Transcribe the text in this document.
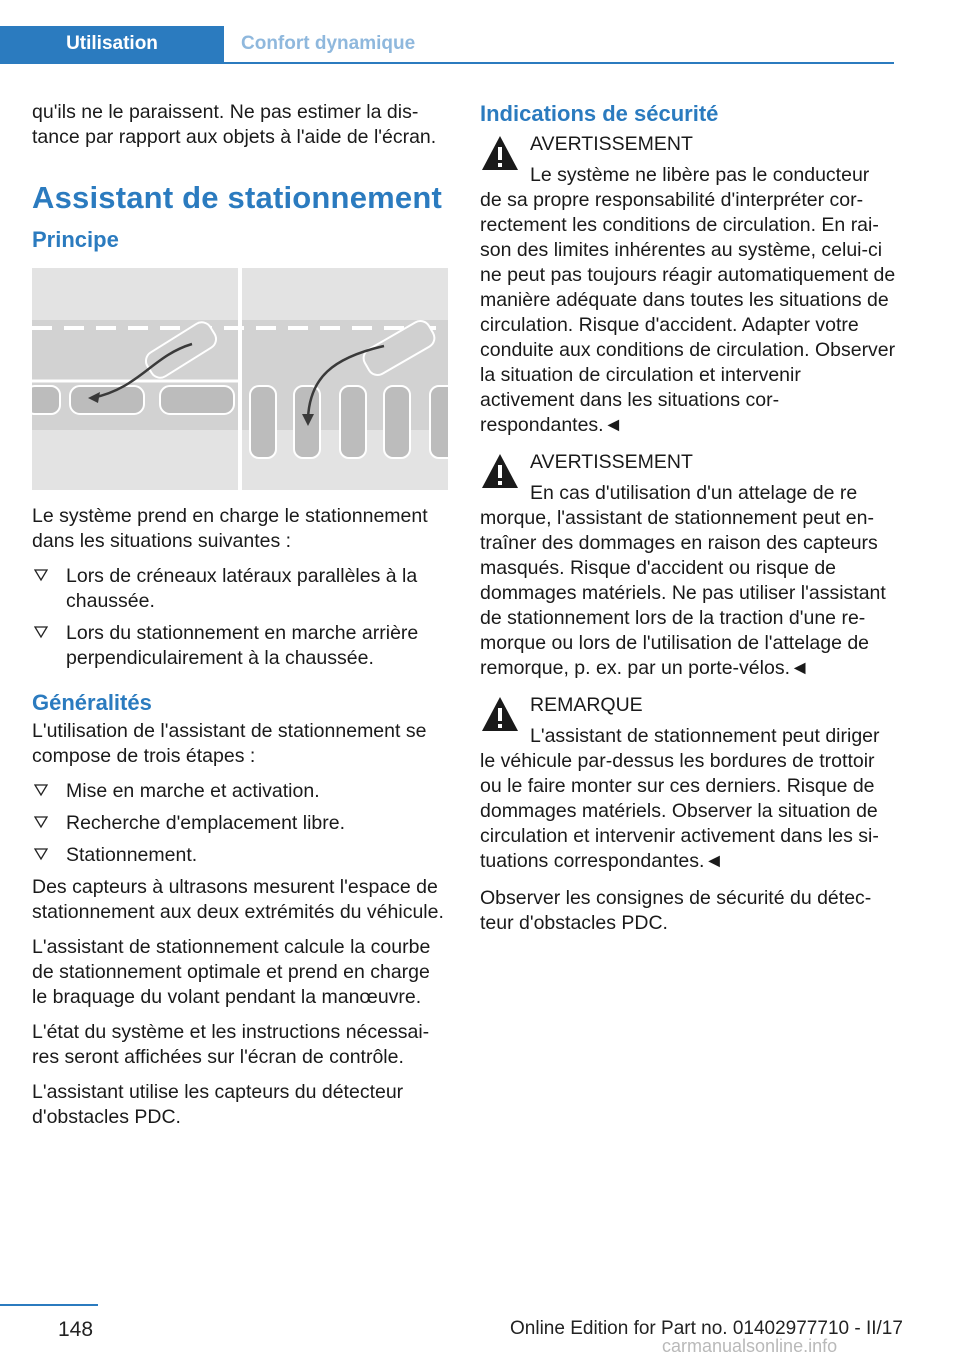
Utilisation	Confort dynamique

qu'ils ne le paraissent. Ne pas estimer la distance par rapport aux objets à l'aide de l'écran.

Assistant de stationnement
Principe

Le système prend en charge le stationnement dans les situations suivantes :

Lors de créneaux latéraux parallèles à la chaussée.
Lors du stationnement en marche arrière perpendiculairement à la chaussée.
Généralités

L'utilisation de l'assistant de stationnement se compose de trois étapes :

Mise en marche et activation.
Recherche d'emplacement libre.
Stationnement.

Des capteurs à ultrasons mesurent l'espace de stationnement aux deux extrémités du véhicule.

L'assistant de stationnement calcule la courbe de stationnement optimale et prend en charge le braquage du volant pendant la manœuvre.

L'état du système et les instructions nécessaires seront affichées sur l'écran de contrôle.

L'assistant utilise les capteurs du détecteur d'obstacles PDC.

Indications de sécurité
AVERTISSEMENT
Le système ne libère pas le conducteur
de sa propre responsabilité d'interpréter correctement les conditions de circulation. En raison des limites inhérentes au système, celui-ci ne peut pas toujours réagir automatiquement de manière adéquate dans toutes les situations de circulation. Risque d'accident. Adapter votre conduite aux conditions de circulation. Observer la situation de circulation et intervenir activement dans les situations correspondantes.◄
AVERTISSEMENT
En cas d'utilisation d'un attelage de re
morque, l'assistant de stationnement peut entraîner des dommages en raison des capteurs masqués. Risque d'accident ou risque de dommages matériels. Ne pas utiliser l'assistant de stationnement lors de la traction d'une remorque ou lors de l'utilisation de l'attelage de remorque, p. ex. par un porte-vélos.◄
REMARQUE
L'assistant de stationnement peut diriger
le véhicule par-dessus les bordures de trottoir ou le faire monter sur ces derniers. Risque de dommages matériels. Observer la situation de circulation et intervenir activement dans les situations correspondantes.◄

Observer les consignes de sécurité du détecteur d'obstacles PDC.

148	Online Edition for Part no. 01402977710 - II/17
carmanualsonline.info
